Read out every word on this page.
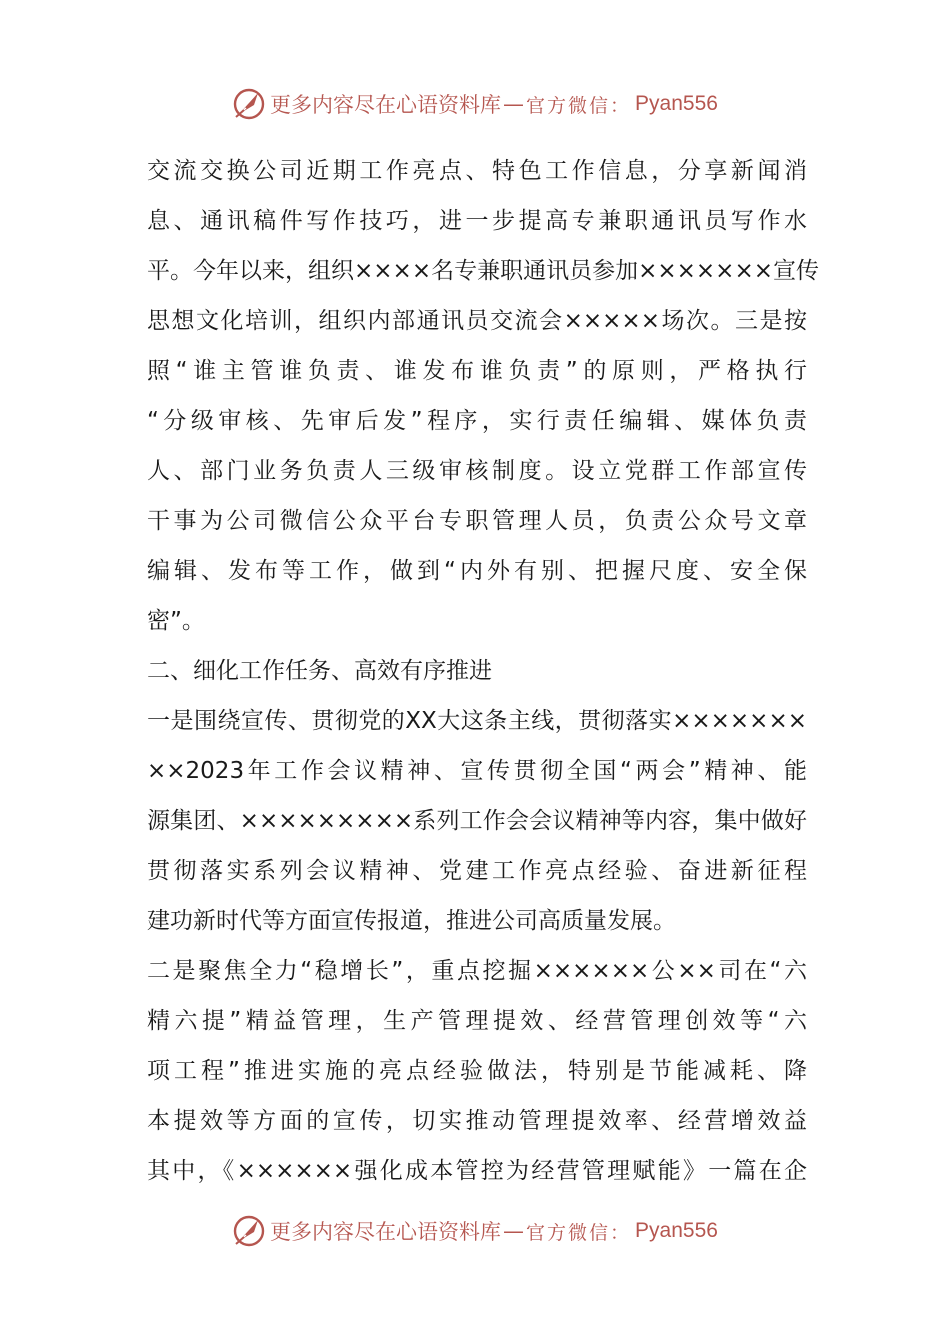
更多内容尽在心语资料库 — 官方微信： Pyan556
交流交换公司近期工作亮点、特色工作信息，分享新闻消
息、通讯稿件写作技巧，进一步提高专兼职通讯员写作水
平。今年以来，组织××××名专兼职通讯员参加×××××××宣传
思想文化培训，组织内部通讯员交流会×××××场次。三是按
照“谁主管谁负责、谁发布谁负责”的原则，严格执行
“分级审核、先审后发”程序，实行责任编辑、媒体负责
人、部门业务负责人三级审核制度。设立党群工作部宣传
干事为公司微信公众平台专职管理人员，负责公众号文章
编辑、发布等工作，做到“内外有别、把握尺度、安全保
密”。
二、细化工作任务、高效有序推进
一是围绕宣传、贯彻党的XX大这条主线，贯彻落实×××××××
××2023年工作会议精神、宣传贯彻全国“两会”精神、能
源集团、×××××××××系列工作会会议精神等内容，集中做好
贯彻落实系列会议精神、党建工作亮点经验、奋进新征程
建功新时代等方面宣传报道，推进公司高质量发展。
二是聚焦全力“稳增长”，重点挖掘××××××公××司在“六
精六提”精益管理，生产管理提效、经营管理创效等“六
项工程”推进实施的亮点经验做法，特别是节能减耗、降
本提效等方面的宣传，切实推动管理提效率、经营增效益
其中，《××××××强化成本管控为经营管理赋能》一篇在企
更多内容尽在心语资料库 — 官方微信： Pyan556
